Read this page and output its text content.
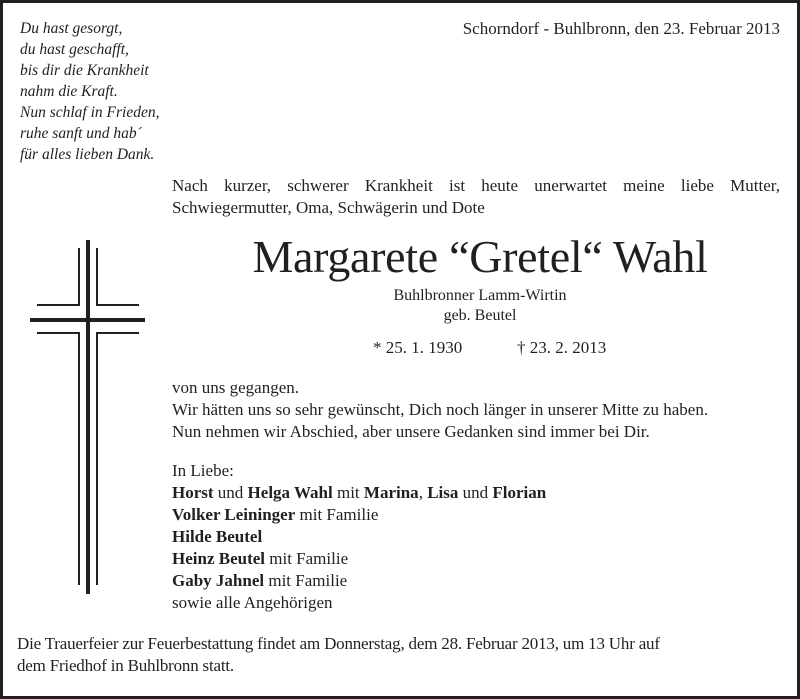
Du hast gesorgt,
du hast geschafft,
bis dir die Krankheit
nahm die Kraft.
Nun schlaf in Frieden,
ruhe sanft und hab´
für alles lieben Dank.
Schorndorf - Buhlbronn, den 23. Februar 2013
Nach kurzer, schwerer Krankheit ist heute unerwartet meine liebe Mutter,
Schwiegermutter, Oma, Schwägerin und Dote
Margarete “Gretel“ Wahl
Buhlbronner Lamm-Wirtin
geb. Beutel
* 25. 1. 1930	† 23. 2. 2013
von uns gegangen.
Wir hätten uns so sehr gewünscht, Dich noch länger in unserer Mitte zu haben.
Nun nehmen wir Abschied, aber unsere Gedanken sind immer bei Dir.
In Liebe:
Horst und Helga Wahl mit Marina, Lisa und Florian
Volker Leininger mit Familie
Hilde Beutel
Heinz Beutel mit Familie
Gaby Jahnel mit Familie
sowie alle Angehörigen
Die Trauerfeier zur Feuerbestattung findet am Donnerstag, dem 28. Februar 2013, um 13 Uhr auf
dem Friedhof in Buhlbronn statt.
